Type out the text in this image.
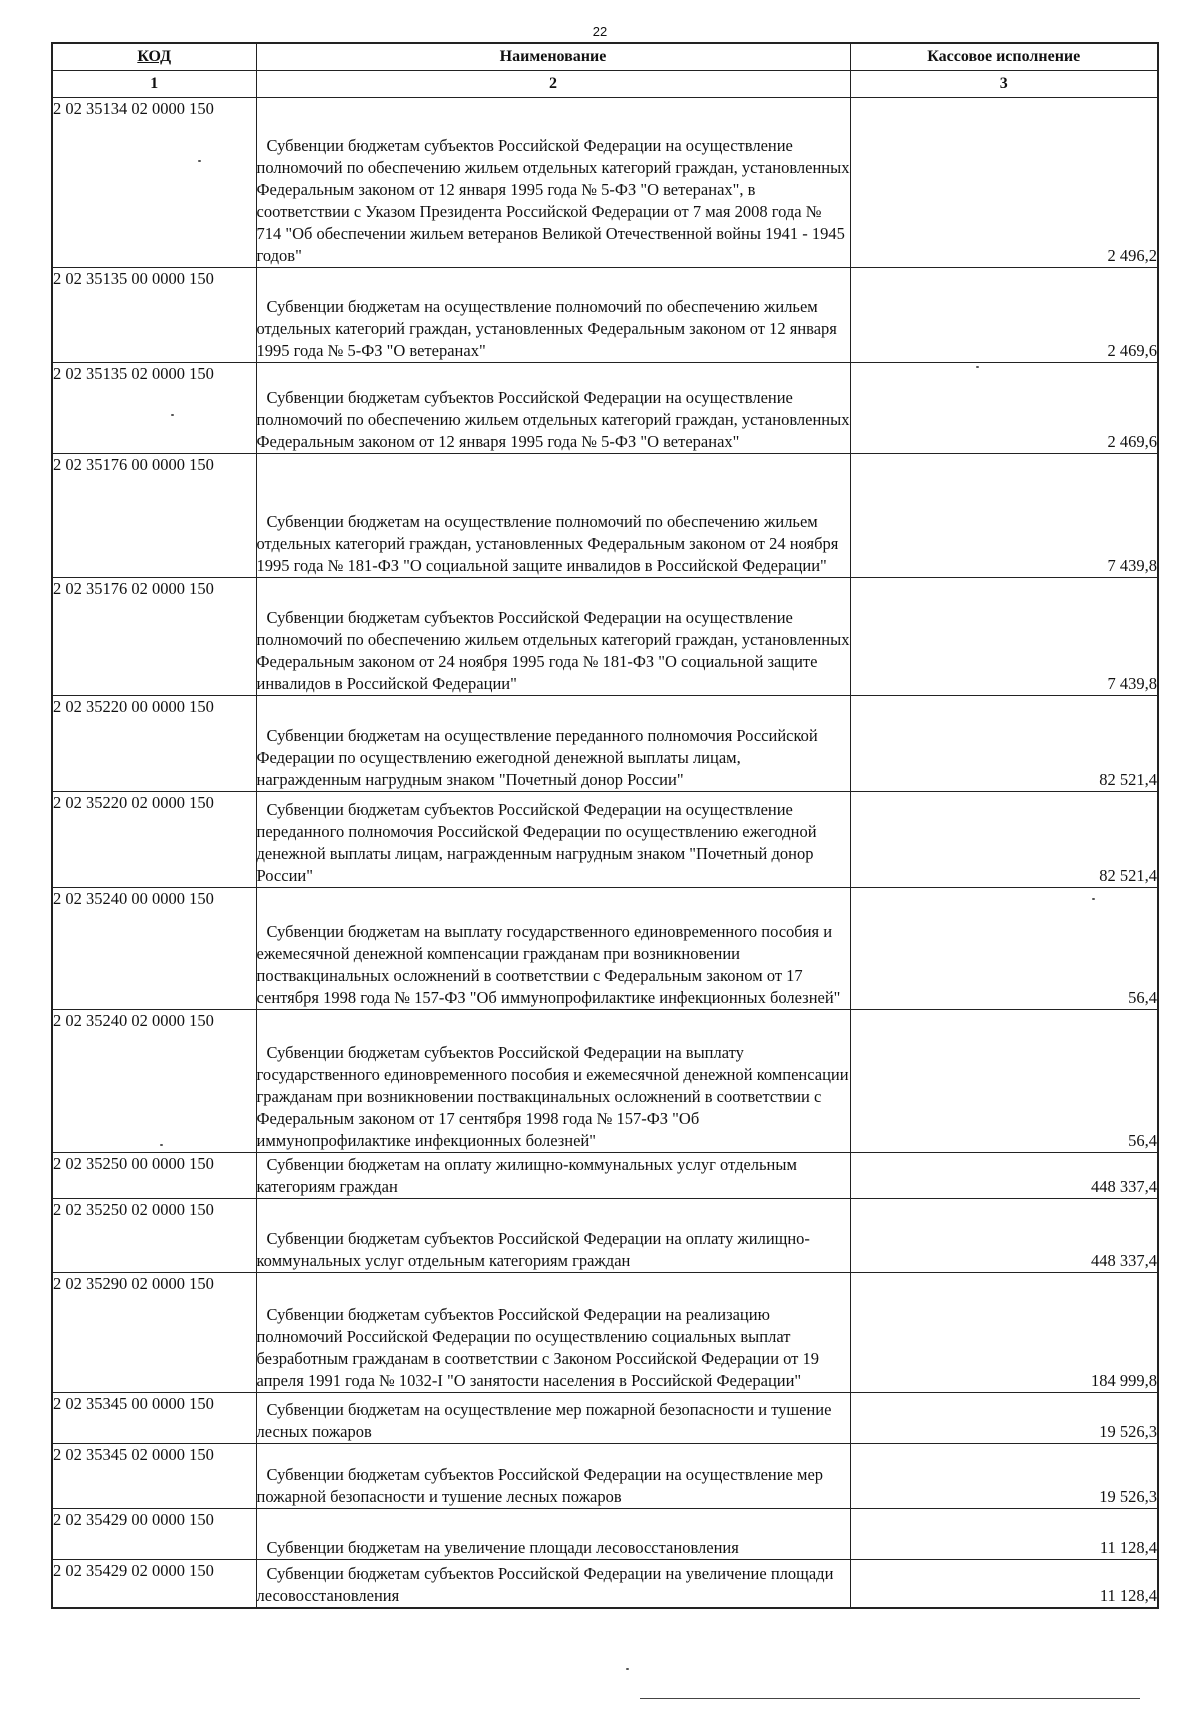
22
КОД	Наименование	Кассовое исполнение
1	2	3
2 02 35134 02 0000 150	Субвенции бюджетам субъектов Российской Федерации на осуществление полномочий по обеспечению жильем отдельных категорий граждан, установленных Федеральным законом от 12 января 1995 года № 5-ФЗ "О ветеранах", в соответствии с Указом Президента Российской Федерации от 7 мая 2008 года № 714 "Об обеспечении жильем ветеранов Великой Отечественной войны 1941 - 1945 годов"	2 496,2
2 02 35135 00 0000 150	Субвенции бюджетам на осуществление полномочий по обеспечению жильем отдельных категорий граждан, установленных Федеральным законом от 12 января 1995 года № 5-ФЗ "О ветеранах"	2 469,6
2 02 35135 02 0000 150	Субвенции бюджетам субъектов Российской Федерации на осуществление полномочий по обеспечению жильем отдельных категорий граждан, установленных Федеральным законом от 12 января 1995 года № 5-ФЗ "О ветеранах"	2 469,6
2 02 35176 00 0000 150	Субвенции бюджетам на осуществление полномочий по обеспечению жильем отдельных категорий граждан, установленных Федеральным законом от 24 ноября 1995 года № 181-ФЗ "О социальной защите инвалидов в Российской Федерации"	7 439,8
2 02 35176 02 0000 150	Субвенции бюджетам субъектов Российской Федерации на осуществление полномочий по обеспечению жильем отдельных категорий граждан, установленных Федеральным законом от 24 ноября 1995 года № 181-ФЗ "О социальной защите инвалидов в Российской Федерации"	7 439,8
2 02 35220 00 0000 150	Субвенции бюджетам на осуществление переданного полномочия Российской Федерации по осуществлению ежегодной денежной выплаты лицам, награжденным нагрудным знаком "Почетный донор России"	82 521,4
2 02 35220 02 0000 150	Субвенции бюджетам субъектов Российской Федерации на осуществление переданного полномочия Российской Федерации по осуществлению ежегодной денежной выплаты лицам, награжденным нагрудным знаком "Почетный донор России"	82 521,4
2 02 35240 00 0000 150	Субвенции бюджетам на выплату государственного единовременного пособия и ежемесячной денежной компенсации гражданам при возникновении поствакцинальных осложнений в соответствии с Федеральным законом от 17 сентября 1998 года № 157-ФЗ "Об иммунопрофилактике инфекционных болезней"	56,4
2 02 35240 02 0000 150	Субвенции бюджетам субъектов Российской Федерации на выплату государственного единовременного пособия и ежемесячной денежной компенсации гражданам при возникновении поствакцинальных осложнений в соответствии с Федеральным законом от 17 сентября 1998 года № 157-ФЗ "Об иммунопрофилактике инфекционных болезней"	56,4
2 02 35250 00 0000 150	Субвенции бюджетам на оплату жилищно-коммунальных услуг отдельным категориям граждан	448 337,4
2 02 35250 02 0000 150	Субвенции бюджетам субъектов Российской Федерации на оплату жилищно-коммунальных услуг отдельным категориям граждан	448 337,4
2 02 35290 02 0000 150	Субвенции бюджетам субъектов Российской Федерации на реализацию полномочий Российской Федерации по осуществлению социальных выплат безработным гражданам в соответствии с Законом Российской Федерации от 19 апреля 1991 года № 1032-I "О занятости населения в Российской Федерации"	184 999,8
2 02 35345 00 0000 150	Субвенции бюджетам на осуществление мер пожарной безопасности и тушение лесных пожаров	19 526,3
2 02 35345 02 0000 150	Субвенции бюджетам субъектов Российской Федерации на осуществление мер пожарной безопасности и тушение лесных пожаров	19 526,3
2 02 35429 00 0000 150	Субвенции бюджетам на увеличение площади лесовосстановления	11 128,4
2 02 35429 02 0000 150	Субвенции бюджетам субъектов Российской Федерации на увеличение площади лесовосстановления	11 128,4
